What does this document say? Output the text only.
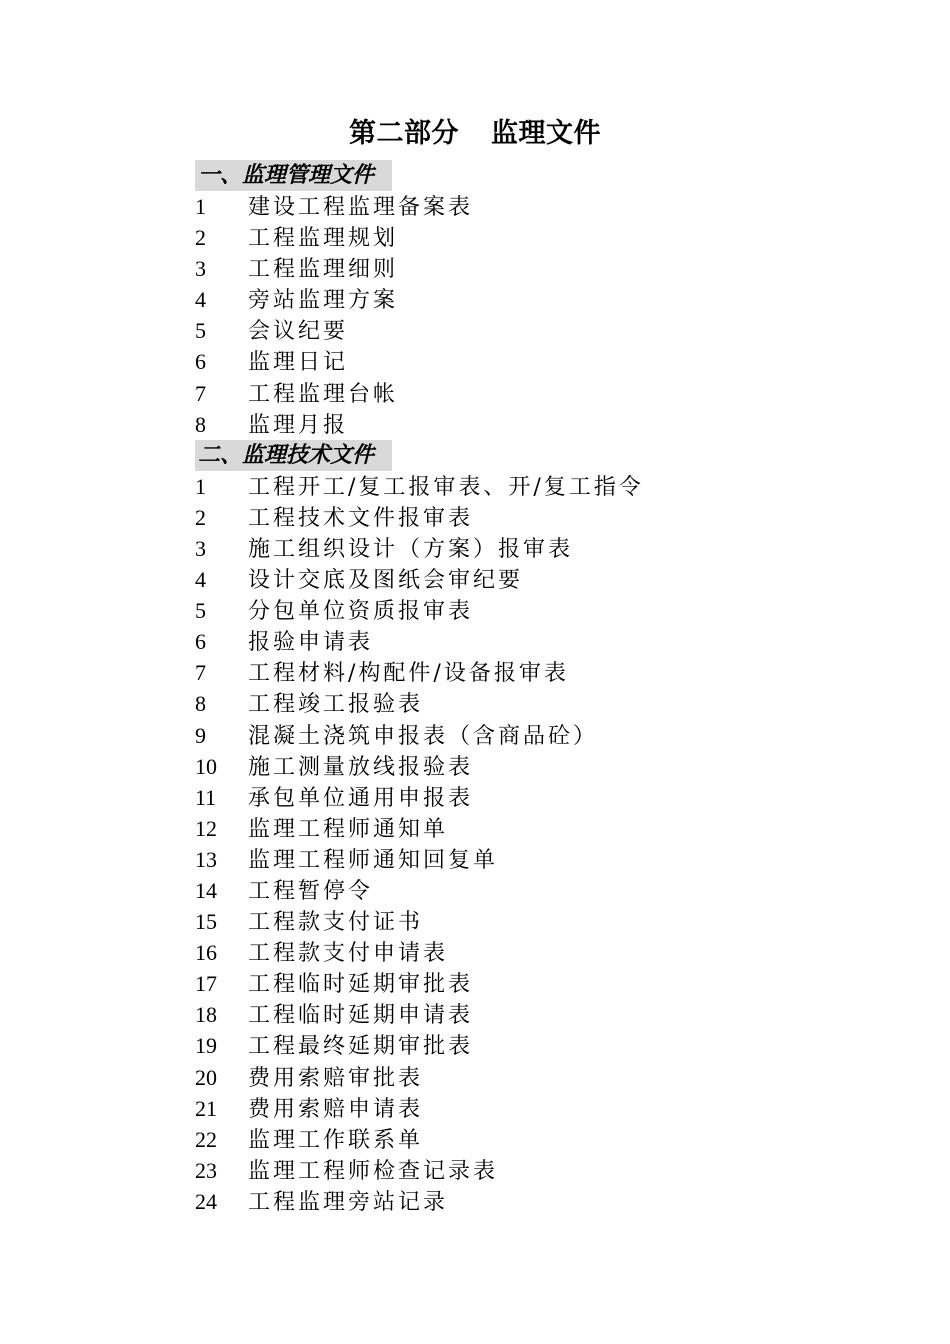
第二部分 监理文件
一、监理管理文件
1 建设工程监理备案表
2 工程监理规划
3 工程监理细则
4 旁站监理方案
5 会议纪要
6 监理日记
7 工程监理台帐
8 监理月报
二、监理技术文件
1 工程开工/复工报审表、开/复工指令
2 工程技术文件报审表
3 施工组织设计（方案）报审表
4 设计交底及图纸会审纪要
5 分包单位资质报审表
6 报验申请表
7 工程材料/构配件/设备报审表
8 工程竣工报验表
9 混凝土浇筑申报表（含商品砼）
10 施工测量放线报验表
11 承包单位通用申报表
12 监理工程师通知单
13 监理工程师通知回复单
14 工程暂停令
15 工程款支付证书
16 工程款支付申请表
17 工程临时延期审批表
18 工程临时延期申请表
19 工程最终延期审批表
20 费用索赔审批表
21 费用索赔申请表
22 监理工作联系单
23 监理工程师检查记录表
24 工程监理旁站记录
